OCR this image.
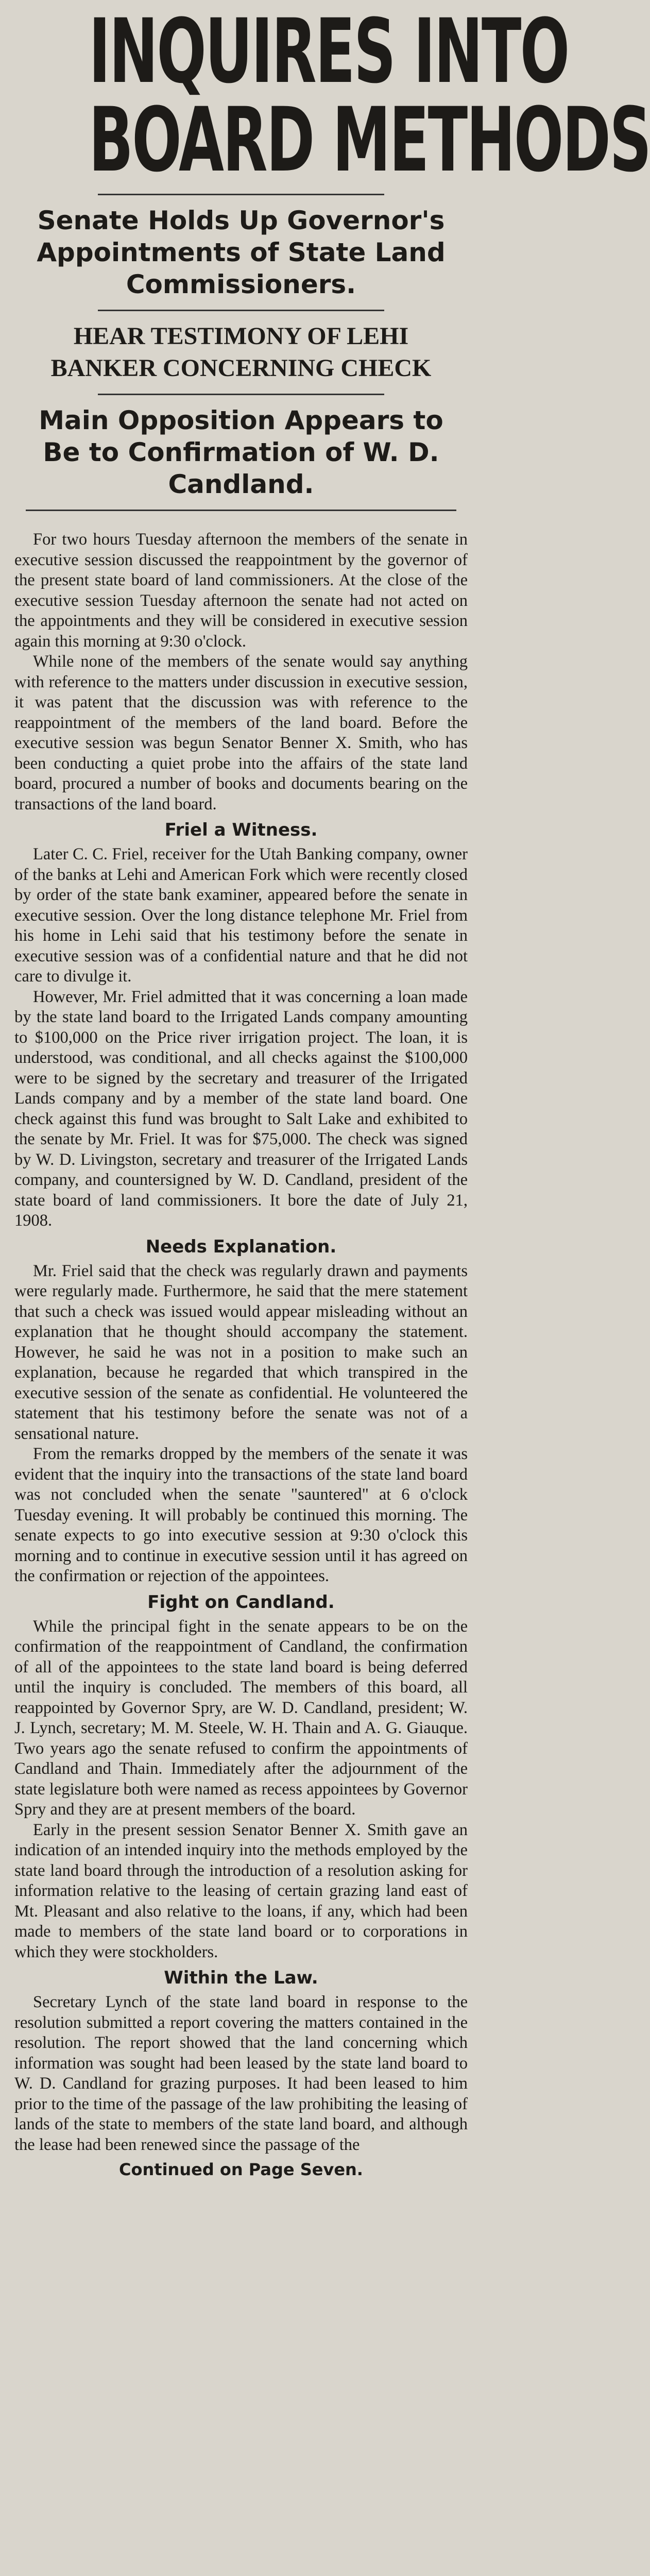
INQUIRES INTO
BOARD METHODS
Senate Holds Up Governor's Appointments of State Land Commissioners.
HEAR TESTIMONY OF LEHI BANKER CONCERNING CHECK
Main Opposition Appears to Be to Confirmation of W. D. Candland.

For two hours Tuesday afternoon the members of the senate in executive session discussed the reappointment by the governor of the present state board of land commissioners. At the close of the executive session Tuesday afternoon the senate had not acted on the appointments and they will be considered in executive session again this morning at 9:30 o'clock.

While none of the members of the senate would say anything with reference to the matters under discussion in executive session, it was patent that the discussion was with reference to the reappointment of the members of the land board. Before the executive session was begun Senator Benner X. Smith, who has been conducting a quiet probe into the affairs of the state land board, procured a number of books and documents bearing on the transactions of the land board.

Friel a Witness.

Later C. C. Friel, receiver for the Utah Banking company, owner of the banks at Lehi and American Fork which were recently closed by order of the state bank examiner, appeared before the senate in executive session. Over the long distance telephone Mr. Friel from his home in Lehi said that his testimony before the senate in executive session was of a confidential nature and that he did not care to divulge it.

However, Mr. Friel admitted that it was concerning a loan made by the state land board to the Irrigated Lands company amounting to $100,000 on the Price river irrigation project. The loan, it is understood, was conditional, and all checks against the $100,000 were to be signed by the secretary and treasurer of the Irrigated Lands company and by a member of the state land board. One check against this fund was brought to Salt Lake and exhibited to the senate by Mr. Friel. It was for $75,000. The check was signed by W. D. Livingston, secretary and treasurer of the Irrigated Lands company, and countersigned by W. D. Candland, president of the state board of land commissioners. It bore the date of July 21, 1908.

Needs Explanation.

Mr. Friel said that the check was regularly drawn and payments were regularly made. Furthermore, he said that the mere statement that such a check was issued would appear misleading without an explanation that he thought should accompany the statement. However, he said he was not in a position to make such an explanation, because he regarded that which transpired in the executive session of the senate as confidential. He volunteered the statement that his testimony before the senate was not of a sensational nature.

From the remarks dropped by the members of the senate it was evident that the inquiry into the transactions of the state land board was not concluded when the senate "sauntered" at 6 o'clock Tuesday evening. It will probably be continued this morning. The senate expects to go into executive session at 9:30 o'clock this morning and to continue in executive session until it has agreed on the confirmation or rejection of the appointees.

Fight on Candland.

While the principal fight in the senate appears to be on the confirmation of the reappointment of Candland, the confirmation of all of the appointees to the state land board is being deferred until the inquiry is concluded. The members of this board, all reappointed by Governor Spry, are W. D. Candland, president; W. J. Lynch, secretary; M. M. Steele, W. H. Thain and A. G. Giauque. Two years ago the senate refused to confirm the appointments of Candland and Thain. Immediately after the adjournment of the state legislature both were named as recess appointees by Governor Spry and they are at present members of the board.

Early in the present session Senator Benner X. Smith gave an indication of an intended inquiry into the methods employed by the state land board through the introduction of a resolution asking for information relative to the leasing of certain grazing land east of Mt. Pleasant and also relative to the loans, if any, which had been made to members of the state land board or to corporations in which they were stockholders.

Within the Law.

Secretary Lynch of the state land board in response to the resolution submitted a report covering the matters contained in the resolution. The report showed that the land concerning which information was sought had been leased by the state land board to W. D. Candland for grazing purposes. It had been leased to him prior to the time of the passage of the law prohibiting the leasing of lands of the state to members of the state land board, and although the lease had been renewed since the passage of the

Continued on Page Seven.
